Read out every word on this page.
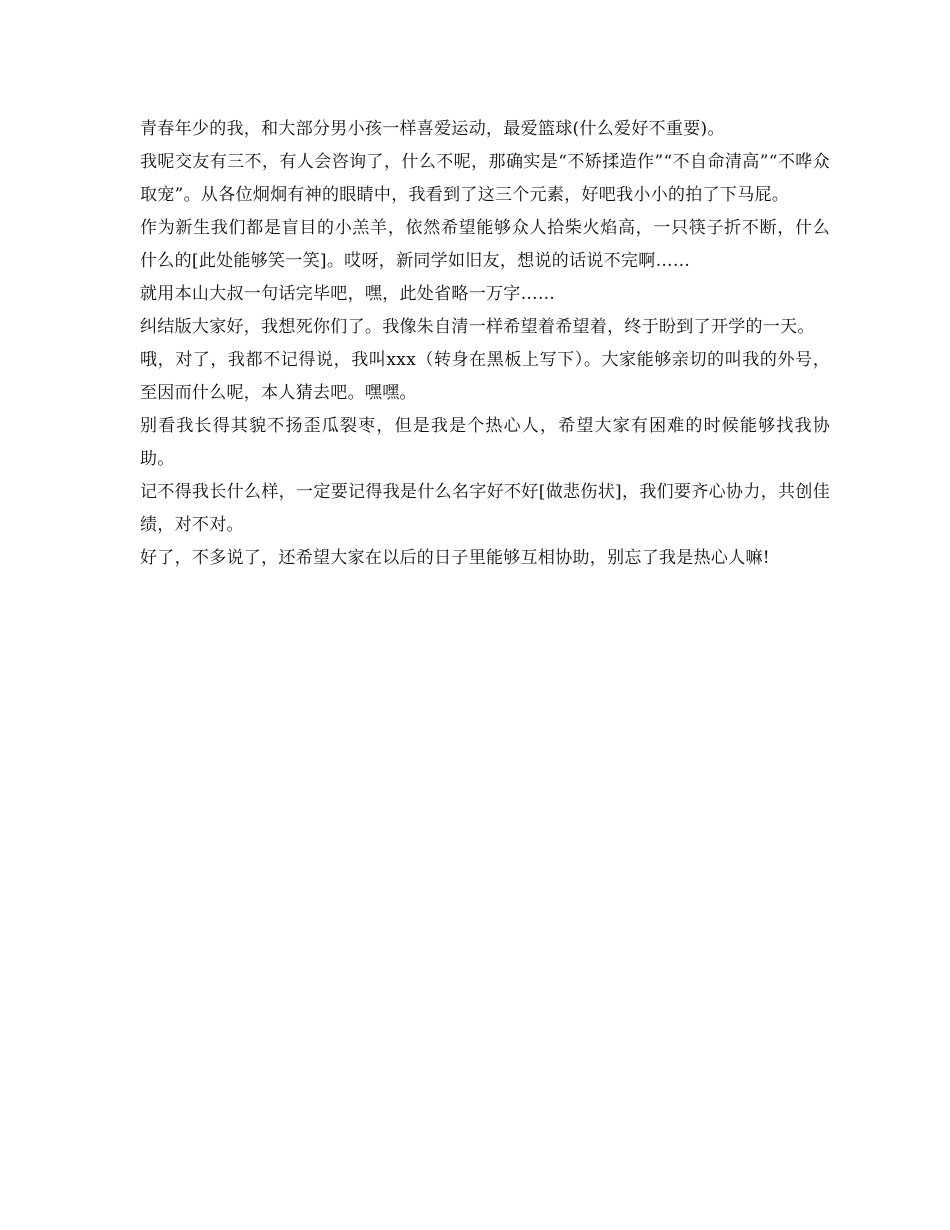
青春年少的我，和大部分男小孩一样喜爱运动，最爱篮球(什么爱好不重要)。

我呢交友有三不，有人会咨询了，什么不呢，那确实是“不矫揉造作”“不自命清高”“不哗众取宠”。从各位炯炯有神的眼睛中，我看到了这三个元素，好吧我小小的拍了下马屁。

作为新生我们都是盲目的小羔羊，依然希望能够众人拾柴火焰高，一只筷子折不断，什么什么的[此处能够笑一笑]。哎呀，新同学如旧友，想说的话说不完啊……

就用本山大叔一句话完毕吧，嘿，此处省略一万字……

纠结版大家好，我想死你们了。我像朱自清一样希望着希望着，终于盼到了开学的一天。

哦，对了，我都不记得说，我叫xxx（转身在黑板上写下）。大家能够亲切的叫我的外号，至因而什么呢，本人猜去吧。嘿嘿。

别看我长得其貌不扬歪瓜裂枣，但是我是个热心人，希望大家有困难的时候能够找我协助。

记不得我长什么样，一定要记得我是什么名字好不好[做悲伤状]，我们要齐心协力，共创佳绩，对不对。

好了，不多说了，还希望大家在以后的日子里能够互相协助，别忘了我是热心人嘛!
